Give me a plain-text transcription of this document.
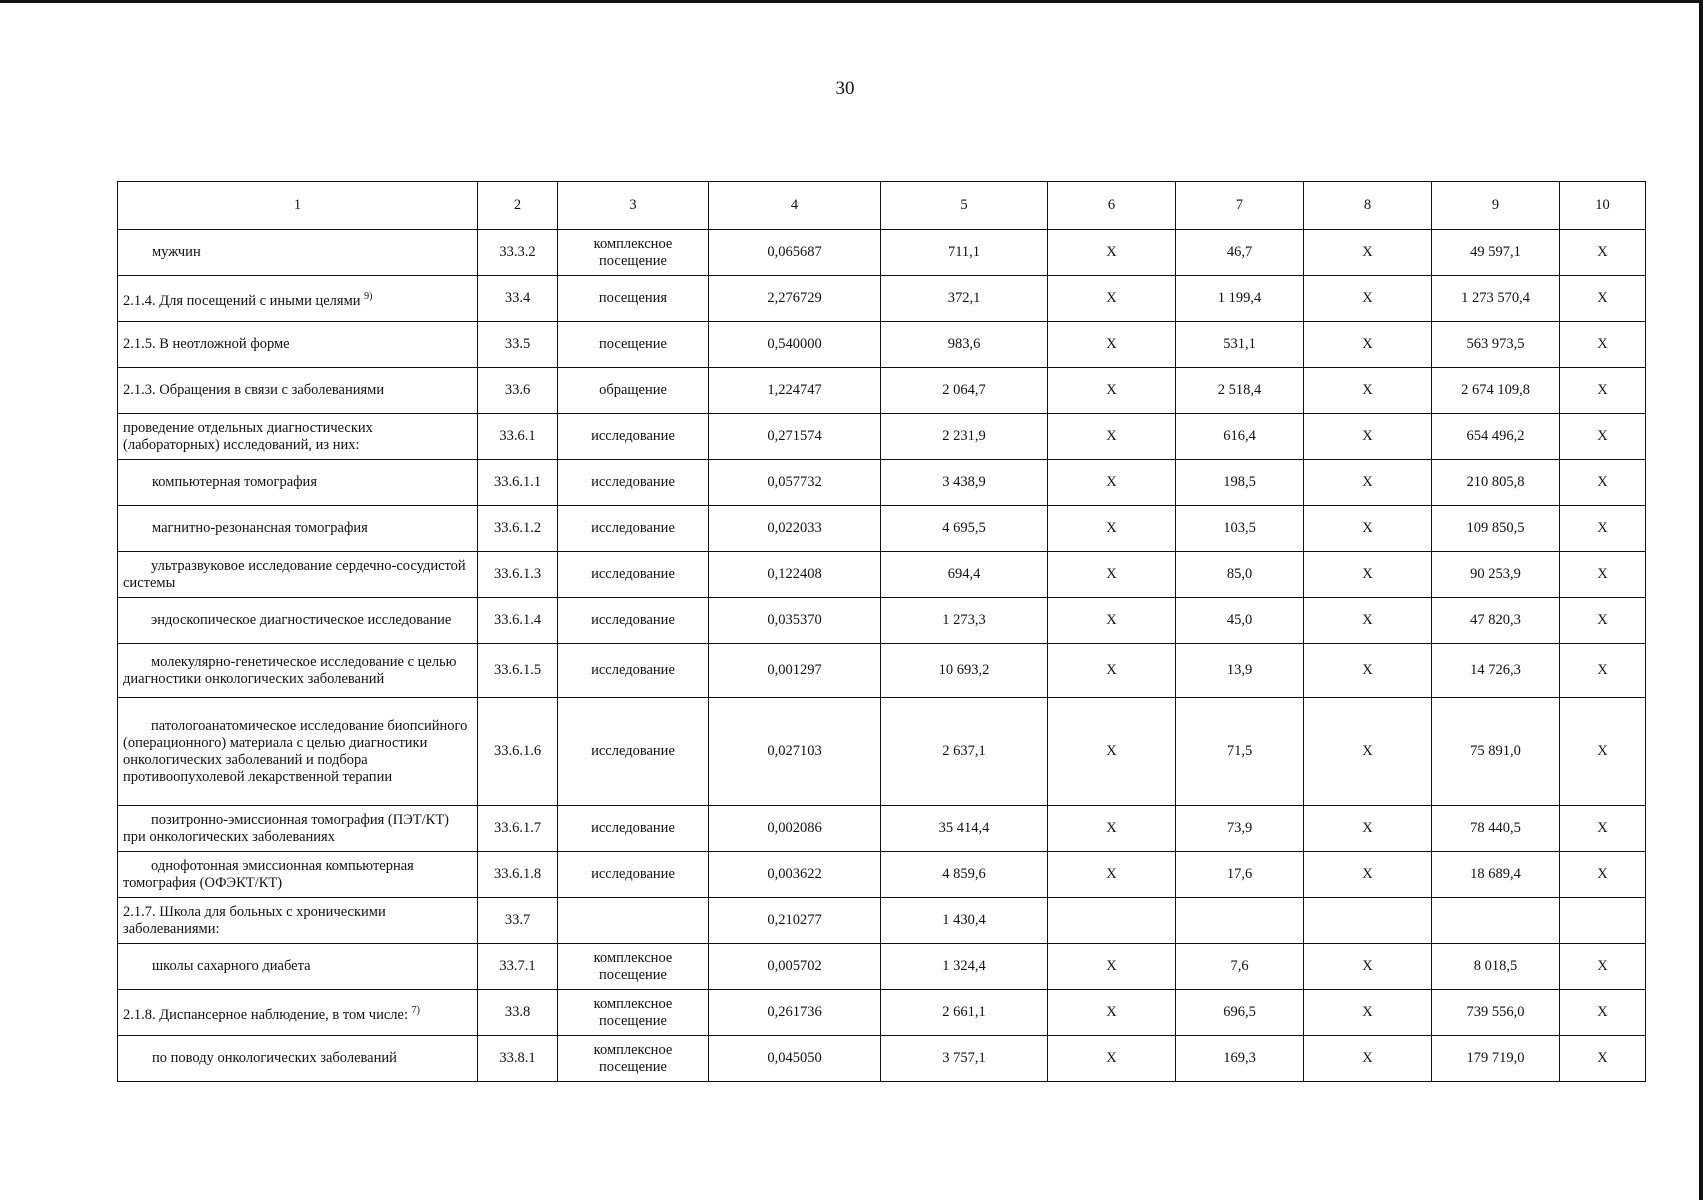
30
1	2	3	4	5	6	7	8	9	10
мужчин	33.3.2	комплексное посещение	0,065687	711,1	X	46,7	X	49 597,1	X
2.1.4. Для посещений с иными целями $^{9)}$	33.4	посещения	2,276729	372,1	X	1 199,4	X	1 273 570,4	X
2.1.5. В неотложной форме	33.5	посещение	0,540000	983,6	X	531,1	X	563 973,5	X
2.1.3. Обращения в связи с заболеваниями	33.6	обращение	1,224747	2 064,7	X	2 518,4	X	2 674 109,8	X
проведение отдельных диагностических (лабораторных) исследований, из них:	33.6.1	исследование	0,271574	2 231,9	X	616,4	X	654 496,2	X
компьютерная томография	33.6.1.1	исследование	0,057732	3 438,9	X	198,5	X	210 805,8	X
магнитно-резонансная томография	33.6.1.2	исследование	0,022033	4 695,5	X	103,5	X	109 850,5	X
ультразвуковое исследование сердечно-сосудистой системы	33.6.1.3	исследование	0,122408	694,4	X	85,0	X	90 253,9	X
эндоскопическое диагностическое исследование	33.6.1.4	исследование	0,035370	1 273,3	X	45,0	X	47 820,3	X
молекулярно-генетическое исследование с целью диагностики онкологических заболеваний	33.6.1.5	исследование	0,001297	10 693,2	X	13,9	X	14 726,3	X
патологоанатомическое исследование биопсийного (операционного) материала с целью диагностики онкологических заболеваний и подбора противоопухолевой лекарственной терапии	33.6.1.6	исследование	0,027103	2 637,1	X	71,5	X	75 891,0	X
позитронно-эмиссионная томография (ПЭТ/КТ) при онкологических заболеваниях	33.6.1.7	исследование	0,002086	35 414,4	X	73,9	X	78 440,5	X
однофотонная эмиссионная компьютерная томография (ОФЭКТ/КТ)	33.6.1.8	исследование	0,003622	4 859,6	X	17,6	X	18 689,4	X
2.1.7. Школа для больных с хроническими заболеваниями:	33.7		0,210277	1 430,4					
школы сахарного диабета	33.7.1	комплексное посещение	0,005702	1 324,4	X	7,6	X	8 018,5	X
2.1.8. Диспансерное наблюдение, в том числе: $^{7)}$	33.8	комплексное посещение	0,261736	2 661,1	X	696,5	X	739 556,0	X
по поводу онкологических заболеваний	33.8.1	комплексное посещение	0,045050	3 757,1	X	169,3	X	179 719,0	X
